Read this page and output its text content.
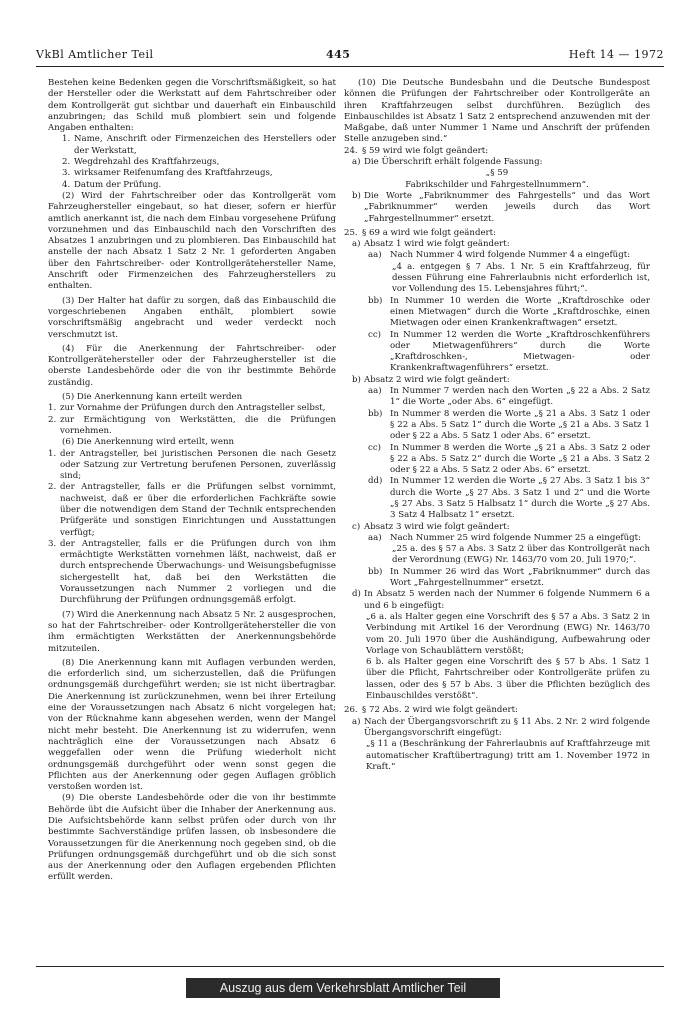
VkBl Amtlicher Teil	445	Heft 14 — 1972

Bestehen keine Bedenken gegen die Vorschriftsmäßigkeit, so hat der Hersteller oder die Werkstatt auf dem Fahrtschreiber oder dem Kontrollgerät gut sichtbar und dauerhaft ein Einbauschild anzubringen; das Schild muß plombiert sein und folgende Angaben enthalten:

1. Name, Anschrift oder Firmenzeichen des Herstellers oder der Werkstatt,
2. Wegdrehzahl des Kraftfahrzeugs,
3. wirksamer Reifenumfang des Kraftfahrzeugs,
4. Datum der Prüfung.

(2) Wird der Fahrtschreiber oder das Kontrollgerät vom Fahrzeughersteller eingebaut, so hat dieser, sofern er hierfür amtlich anerkannt ist, die nach dem Einbau vorgesehene Prüfung vorzunehmen und das Einbauschild nach den Vorschriften des Absatzes 1 anzubringen und zu plombieren. Das Einbauschild hat anstelle der nach Absatz 1 Satz 2 Nr. 1 geforderten Angaben über den Fahrtschreiber- oder Kontrollgerätehersteller Name, Anschrift oder Firmenzeichen des Fahrzeugherstellers zu enthalten.

(3) Der Halter hat dafür zu sorgen, daß das Einbauschild die vorgeschriebenen Angaben enthält, plombiert sowie vorschriftsmäßig angebracht und weder verdeckt noch verschmutzt ist.

(4) Für die Anerkennung der Fahrtschreiber- oder Kontrollgerätehersteller oder der Fahrzeughersteller ist die oberste Landesbehörde oder die von ihr bestimmte Behörde zuständig.

(5) Die Anerkennung kann erteilt werden

1. zur Vornahme der Prüfungen durch den Antragsteller selbst,
2. zur Ermächtigung von Werkstätten, die die Prüfungen vornehmen.

(6) Die Anerkennung wird erteilt, wenn

1. der Antragsteller, bei juristischen Personen die nach Gesetz oder Satzung zur Vertretung berufenen Personen, zuverlässig sind;
2. der Antragsteller, falls er die Prüfungen selbst vornimmt, nachweist, daß er über die erforderlichen Fachkräfte sowie über die notwendigen dem Stand der Technik entsprechenden Prüfgeräte und sonstigen Einrichtungen und Ausstattungen verfügt;
3. der Antragsteller, falls er die Prüfungen durch von ihm ermächtigte Werkstätten vornehmen läßt, nachweist, daß er durch entsprechende Überwachungs- und Weisungsbefugnisse sichergestellt hat, daß bei den Werkstätten die Voraussetzungen nach Nummer 2 vorliegen und die Durchführung der Prüfungen ordnungsgemäß erfolgt.

(7) Wird die Anerkennung nach Absatz 5 Nr. 2 ausgesprochen, so hat der Fahrtschreiber- oder Kontrollgerätehersteller die von ihm ermächtigten Werkstätten der Anerkennungsbehörde mitzuteilen.

(8) Die Anerkennung kann mit Auflagen verbunden werden, die erforderlich sind, um sicherzustellen, daß die Prüfungen ordnungsgemäß durchgeführt werden; sie ist nicht übertragbar. Die Anerkennung ist zurückzunehmen, wenn bei ihrer Erteilung eine der Voraussetzungen nach Absatz 6 nicht vorgelegen hat; von der Rücknahme kann abgesehen werden, wenn der Mangel nicht mehr besteht. Die Anerkennung ist zu widerrufen, wenn nachträglich eine der Voraussetzungen nach Absatz 6 weggefallen oder wenn die Prüfung wiederholt nicht ordnungsgemäß durchgeführt oder wenn sonst gegen die Pflichten aus der Anerkennung oder gegen Auflagen gröblich verstoßen worden ist.

(9) Die oberste Landesbehörde oder die von ihr bestimmte Behörde übt die Aufsicht über die Inhaber der Anerkennung aus. Die Aufsichtsbehörde kann selbst prüfen oder durch von ihr bestimmte Sachverständige prüfen lassen, ob insbesondere die Voraussetzungen für die Anerkennung noch gegeben sind, ob die Prüfungen ordnungsgemäß durchgeführt und ob die sich sonst aus der Anerkennung oder den Auflagen ergebenden Pflichten erfüllt werden.

(10) Die Deutsche Bundesbahn und die Deutsche Bundespost können die Prüfungen der Fahrtschreiber oder Kontrollgeräte an ihren Kraftfahrzeugen selbst durchführen. Bezüglich des Einbauschildes ist Absatz 1 Satz 2 entsprechend anzuwenden mit der Maßgabe, daß unter Nummer 1 Name und Anschrift der prüfenden Stelle anzugeben sind.“

24. § 59 wird wie folgt geändert:
a) Die Überschrift erhält folgende Fassung:

„§ 59

Fabrikschilder und Fahrgestellnummern“.

b) Die Worte „Fabriknummer des Fahrgestells“ und das Wort „Fabriknummer“ werden jeweils durch das Wort „Fahrgestellnummer“ ersetzt.
25. § 69 a wird wie folgt geändert:
a) Absatz 1 wird wie folgt geändert:
aa) Nach Nummer 4 wird folgende Nummer 4 a eingefügt:

„4 a. entgegen § 7 Abs. 1 Nr. 5 ein Kraftfahrzeug, für dessen Führung eine Fahrerlaubnis nicht erforderlich ist, vor Vollendung des 15. Lebensjahres führt;“.

bb) In Nummer 10 werden die Worte „Kraftdroschke oder einen Mietwagen“ durch die Worte „Kraftdroschke, einen Mietwagen oder einen Krankenkraftwagen“ ersetzt.
cc)	In Nummer 12 werden die Worte „Kraftdroschkenführers oder Mietwagenführers“ durch die Worte „Kraftdroschken-, Mietwagen- oder Krankenkraftwagenführers“ ersetzt.
b) Absatz 2 wird wie folgt geändert:
aa) In Nummer 7 werden nach den Worten „§ 22 a Abs. 2 Satz 1“ die Worte „oder Abs. 6“ eingefügt.
bb) In Nummer 8 werden die Worte „§ 21 a Abs. 3 Satz 1 oder § 22 a Abs. 5 Satz 1“ durch die Worte „§ 21 a Abs. 3 Satz 1 oder § 22 a Abs. 5 Satz 1 oder Abs. 6“ ersetzt.
cc)	In Nummer 8 werden die Worte „§ 21 a Abs. 3 Satz 2 oder § 22 a Abs. 5 Satz 2“ durch die Worte „§ 21 a Abs. 3 Satz 2 oder § 22 a Abs. 5 Satz 2 oder Abs. 6“ ersetzt.
dd) In Nummer 12 werden die Worte „§ 27 Abs. 3 Satz 1 bis 3“ durch die Worte „§ 27 Abs. 3 Satz 1 und 2“ und die Worte „§ 27 Abs. 3 Satz 5 Halbsatz 1“ durch die Worte „§ 27 Abs. 3 Satz 4 Halbsatz 1“ ersetzt.
c) Absatz 3 wird wie folgt geändert:
aa) Nach Nummer 25 wird folgende Nummer 25 a eingefügt:

„25 a. des § 57 a Abs. 3 Satz 2 über das Kontrollgerät nach der Verordnung (EWG) Nr. 1463/70 vom 20. Juli 1970;“.

bb) In Nummer 26 wird das Wort „Fabriknummer“ durch das Wort „Fahrgestellnummer“ ersetzt.
d) In Absatz 5 werden nach der Nummer 6 folgende Nummern 6 a und 6 b eingefügt:

„6 a. als Halter gegen eine Vorschrift des § 57 a Abs. 3 Satz 2 in Verbindung mit Artikel 16 der Verordnung (EWG) Nr. 1463/70 vom 20. Juli 1970 über die Aushändigung, Aufbewahrung oder Vorlage von Schaublättern verstößt;

6 b. als Halter gegen eine Vorschrift des § 57 b Abs. 1 Satz 1 über die Pflicht, Fahrtschreiber oder Kontrollgeräte prüfen zu lassen, oder des § 57 b Abs. 3 über die Pflichten bezüglich des Einbauschildes verstößt“.

26. § 72 Abs. 2 wird wie folgt geändert:
a) Nach der Übergangsvorschrift zu § 11 Abs. 2 Nr. 2 wird folgende Übergangsvorschrift eingefügt:

„§ 11 a (Beschränkung der Fahrerlaubnis auf Kraftfahrzeuge mit automatischer Kraftübertragung) tritt am 1. November 1972 in Kraft.“

Auszug aus dem Verkehrsblatt Amtlicher Teil
